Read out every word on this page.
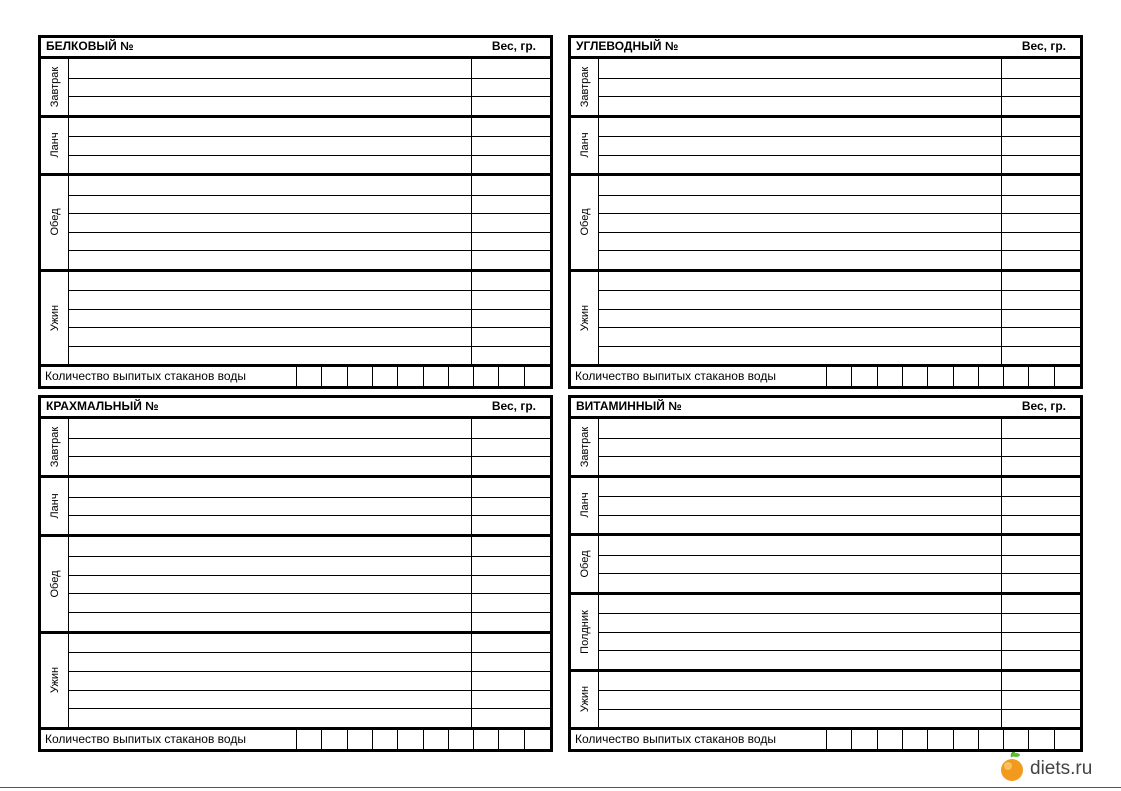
БЕЛКОВЫЙ №	Вес, гр.
Завтрак
Ланч
Обед
Ужин
Количество выпитых стаканов воды
УГЛЕВОДНЫЙ №	Вес, гр.
Завтрак
Ланч
Обед
Ужин
Количество выпитых стаканов воды
КРАХМАЛЬНЫЙ №	Вес, гр.
Завтрак
Ланч
Обед
Ужин
Количество выпитых стаканов воды
ВИТАМИННЫЙ №	Вес, гр.
Завтрак
Ланч
Обед
Полдник
Ужин
Количество выпитых стаканов воды
diets.ru
